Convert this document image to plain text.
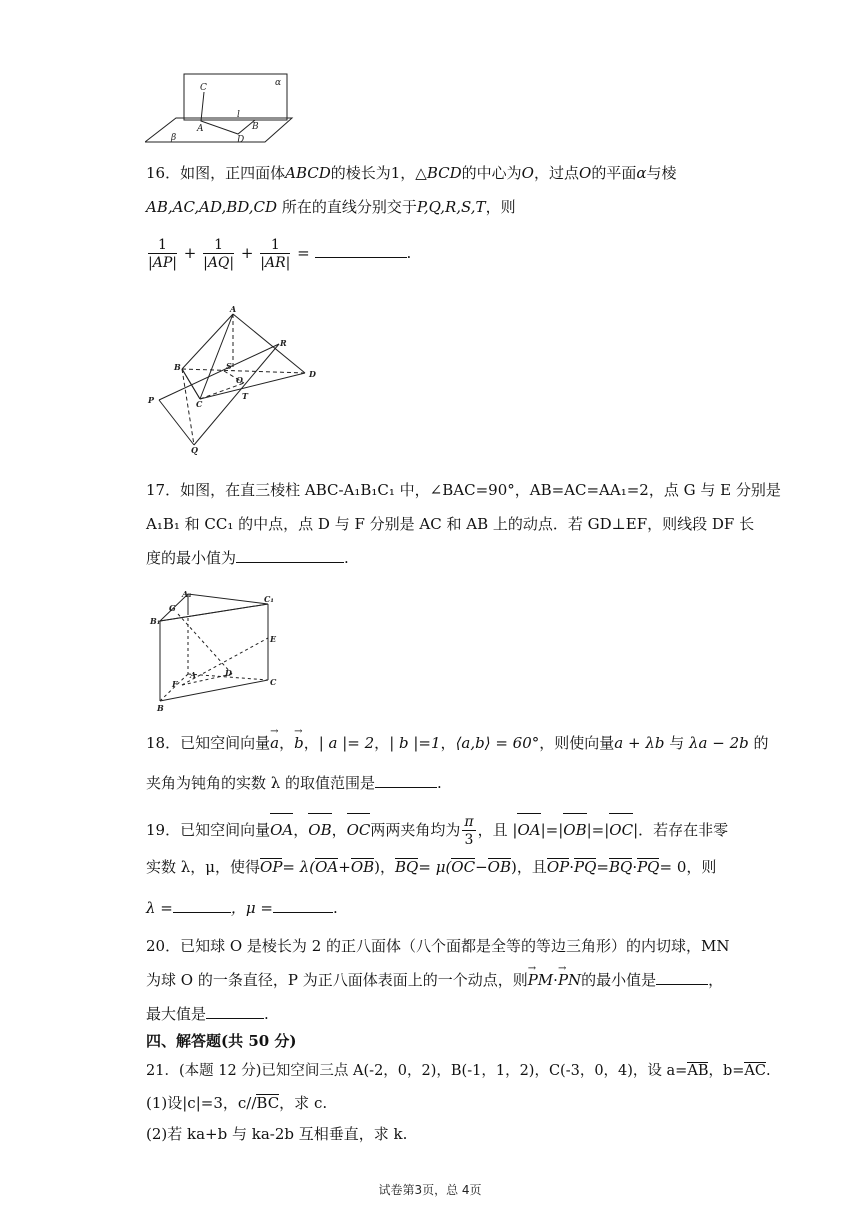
C	α
l
A	B
β	D
16．如图，正四面体ABCD的棱长为1，△BCD的中心为O，过点O的平面α与棱
AB,AC,AD,BD,CD 所在的直线分别交于P,Q,R,S,T，则
$\frac{1}{|AP|} + \frac{1}{|AQ|} + \frac{1}{|AR|}$ =	.
A
R
B	S
D
O
P	C
T
Q
17．如图，在直三棱柱 ABC-A₁B₁C₁ 中，∠BAC=90°，AB=AC=AA₁=2，点 G 与 E 分别是
A₁B₁ 和 CC₁ 的中点，点 D 与 F 分别是 AC 和 AB 上的动点．若 GD⊥EF，则线段 DF 长
度的最小值为	.
A₁
G
C₁
B₁
E
A	D
F	C
B
18．已知空间向量→ a，→ b，| a |= 2，| b |=1，⟨a,b⟩ = 60°，则使向量a + λb 与 λa − 2b 的
夹角为钝角的实数 λ 的取值范围是	.
19．已知空间向量OA，OB，OC两两夹角均为 $\frac{\pi}{3}$ ，且 |OA|=|OB|=|OC|．若存在非零
实数 λ，μ，使得OP= λ(OA+OB)，BQ= μ(OC−OB)，且OP·PQ=BQ·PQ= 0，则
λ =	，μ =	.
20．已知球 O 是棱长为 2 的正八面体（八个面都是全等的等边三角形）的内切球，MN
为球 O 的一条直径，P 为正八面体表面上的一个动点，则→ PM·→ PN的最小值是	，
最大值是	.
四、解答题(共 50 分)
21．(本题 12 分)已知空间三点 A(-2，0，2)，B(-1，1，2)，C(-3，0，4)，设 a=AB，b=AC.
(1)设|c|=3，c//BC，求 c.
(2)若 ka+b 与 ka-2b 互相垂直，求 k.
试卷第3页，总 4页
